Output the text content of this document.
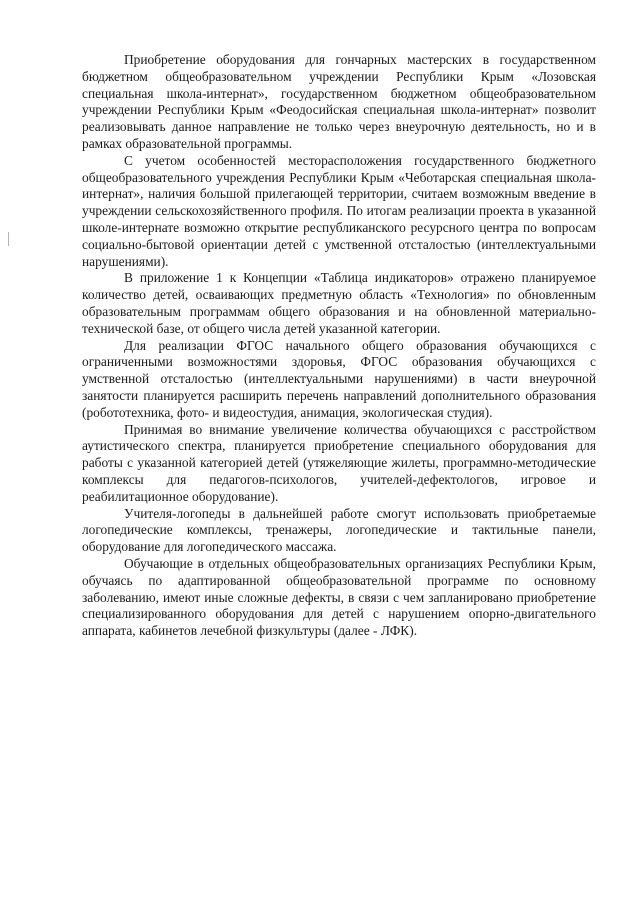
Приобретение оборудования для гончарных мастерских в государственном бюджетном общеобразовательном учреждении Республики Крым «Лозовская специальная школа-интернат», государственном бюджетном общеобразовательном учреждении Республики Крым «Феодосийская специальная школа-интернат» позволит реализовывать данное направление не только через внеурочную деятельность, но и в рамках образовательной программы.

С учетом особенностей месторасположения государственного бюджетного общеобразовательного учреждения Республики Крым «Чеботарская специальная школа-интернат», наличия большой прилегающей территории, считаем возможным введение в учреждении сельскохозяйственного профиля. По итогам реализации проекта в указанной школе-интернате возможно открытие республиканского ресурсного центра по вопросам социально-бытовой ориентации детей с умственной отсталостью (интеллектуальными нарушениями).

В приложение 1 к Концепции «Таблица индикаторов» отражено планируемое количество детей, осваивающих предметную область «Технология» по обновленным образовательным программам общего образования и на обновленной материально-технической базе, от общего числа детей указанной категории.

Для реализации ФГОС начального общего образования обучающихся с ограниченными возможностями здоровья, ФГОС образования обучающихся с умственной отсталостью (интеллектуальными нарушениями) в части внеурочной занятости планируется расширить перечень направлений дополнительного образования (робототехника, фото- и видеостудия, анимация, экологическая студия).

Принимая во внимание увеличение количества обучающихся с расстройством аутистического спектра, планируется приобретение специального оборудования для работы с указанной категорией детей (утяжеляющие жилеты, программно-методические комплексы для педагогов-психологов, учителей-дефектологов, игровое и реабилитационное оборудование).

Учителя-логопеды в дальнейшей работе смогут использовать приобретаемые логопедические комплексы, тренажеры, логопедические и тактильные панели, оборудование для логопедического массажа.

Обучающие в отдельных общеобразовательных организациях Республики Крым, обучаясь по адаптированной общеобразовательной программе по основному заболеванию, имеют иные сложные дефекты, в связи с чем запланировано приобретение специализированного оборудования для детей с нарушением опорно-двигательного аппарата, кабинетов лечебной физкультуры (далее - ЛФК).
